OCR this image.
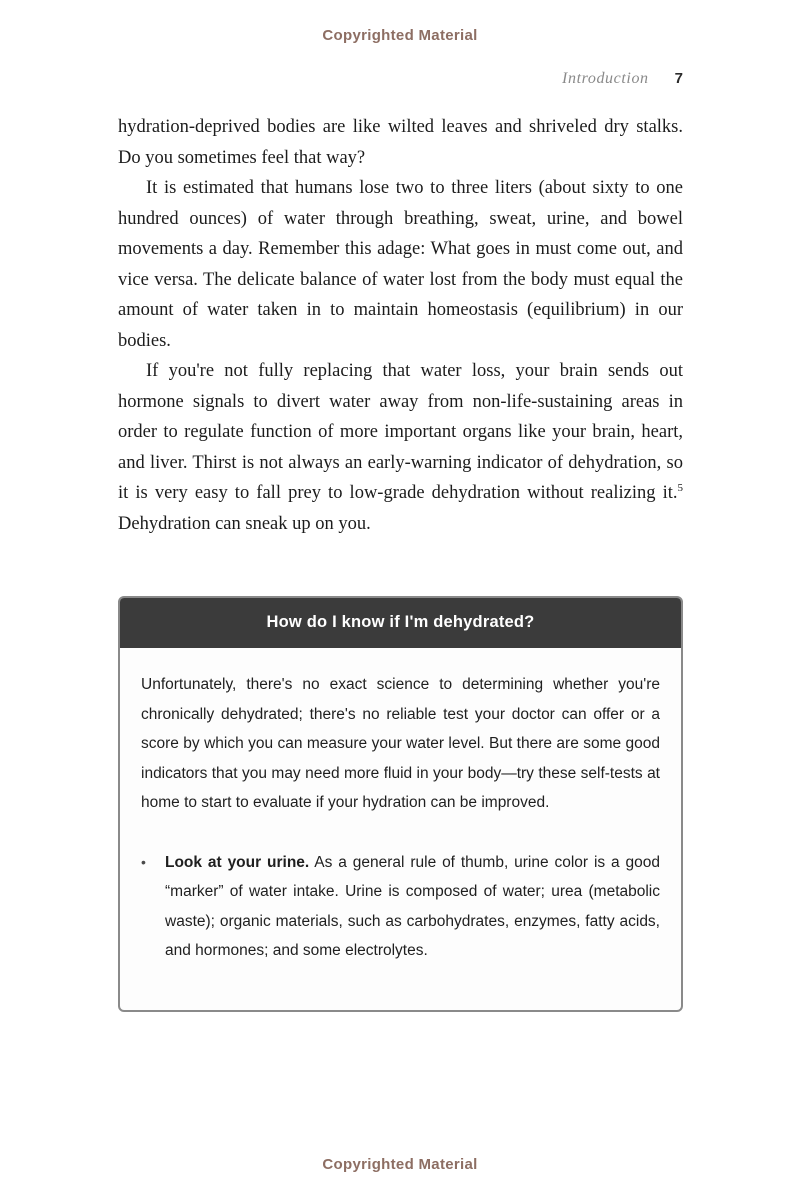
Copyrighted Material
Introduction 7

hydration-deprived bodies are like wilted leaves and shriveled dry stalks. Do you sometimes feel that way?

It is estimated that humans lose two to three liters (about sixty to one hundred ounces) of water through breathing, sweat, urine, and bowel movements a day. Remember this adage: What goes in must come out, and vice versa. The delicate balance of water lost from the body must equal the amount of water taken in to maintain homeostasis (equilibrium) in our bodies.

If you're not fully replacing that water loss, your brain sends out hormone signals to divert water away from non-life-sustaining areas in order to regulate function of more important organs like your brain, heart, and liver. Thirst is not always an early-warning indicator of dehydration, so it is very easy to fall prey to low-grade dehydration without realizing it.$^5$ Dehydration can sneak up on you.

How do I know if I'm dehydrated?

Unfortunately, there's no exact science to determining whether you're chronically dehydrated; there's no reliable test your doctor can offer or a score by which you can measure your water level. But there are some good indicators that you may need more fluid in your body—try these self-tests at home to start to evaluate if your hydration can be improved.

•	Look at your urine. As a general rule of thumb, urine color is a good “marker” of water intake. Urine is composed of water; urea (metabolic waste); organic materials, such as carbohydrates, enzymes, fatty acids, and hormones; and some electrolytes.
Copyrighted Material
